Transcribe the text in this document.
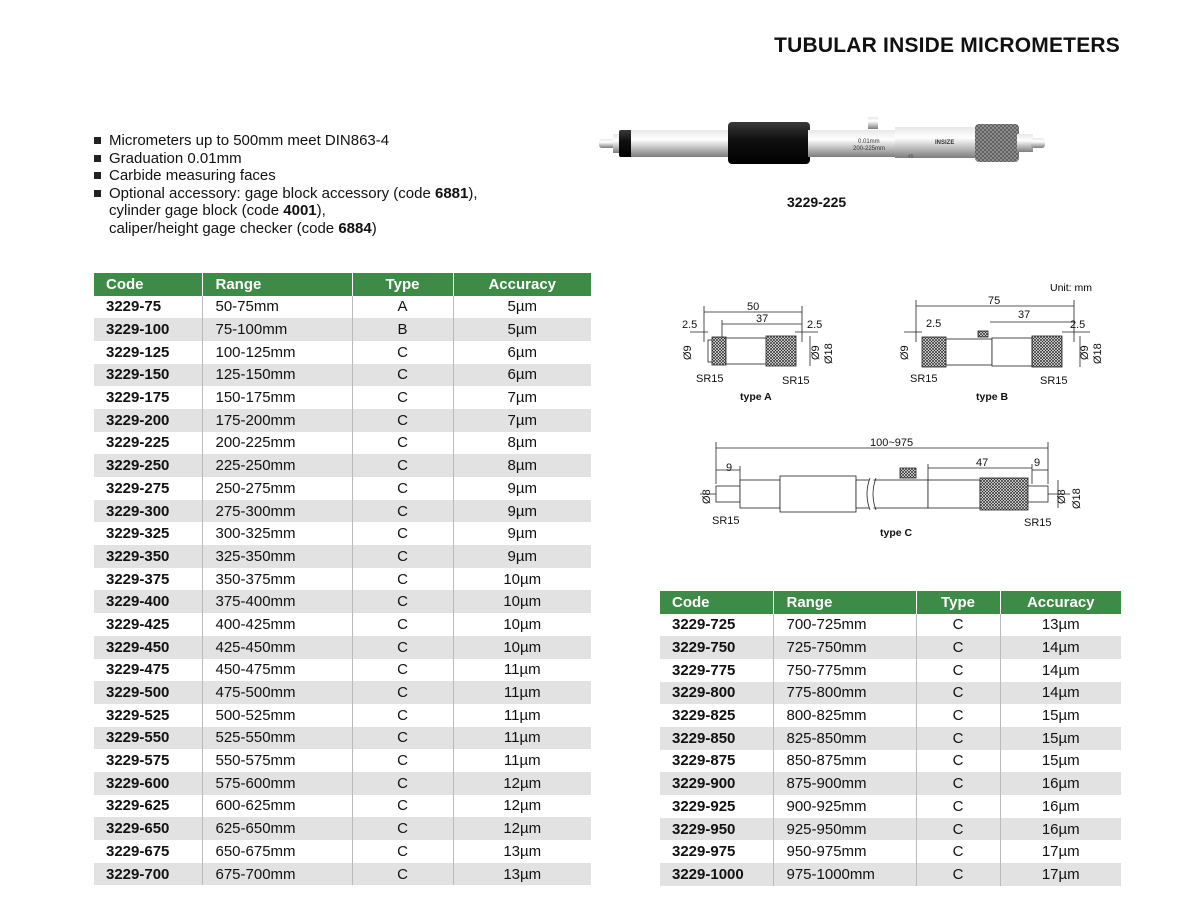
TUBULAR INSIDE MICROMETERS
Micrometers up to 500mm meet DIN863-4
Graduation 0.01mm
Carbide measuring faces
Optional accessory: gage block accessory (code 6881),
cylinder gage block (code 4001),
caliper/height gage checker (code 6884)
0.01mm
200-225mm
INSIZE
45
3229-225
Unit: mm
50
37
2.5	2.5
Ø9	Ø9 Ø18
SR15	SR15
type A
75
37
2.5	2.5
Ø9	Ø9 Ø18
SR15	SR15
type B
100~975
9	47	9
Ø8	Ø8 Ø18
SR15	SR15
type C
Code	Range	Type	Accuracy
3229-75	50-75mm	A	5µm
3229-100	75-100mm	B	5µm
3229-125	100-125mm	C	6µm
3229-150	125-150mm	C	6µm
3229-175	150-175mm	C	7µm
3229-200	175-200mm	C	7µm
3229-225	200-225mm	C	8µm
3229-250	225-250mm	C	8µm
3229-275	250-275mm	C	9µm
3229-300	275-300mm	C	9µm
3229-325	300-325mm	C	9µm
3229-350	325-350mm	C	9µm
3229-375	350-375mm	C	10µm
3229-400	375-400mm	C	10µm
3229-425	400-425mm	C	10µm
3229-450	425-450mm	C	10µm
3229-475	450-475mm	C	11µm
3229-500	475-500mm	C	11µm
3229-525	500-525mm	C	11µm
3229-550	525-550mm	C	11µm
3229-575	550-575mm	C	11µm
3229-600	575-600mm	C	12µm
3229-625	600-625mm	C	12µm
3229-650	625-650mm	C	12µm
3229-675	650-675mm	C	13µm
3229-700	675-700mm	C	13µm
Code	Range	Type	Accuracy
3229-725	700-725mm	C	13µm
3229-750	725-750mm	C	14µm
3229-775	750-775mm	C	14µm
3229-800	775-800mm	C	14µm
3229-825	800-825mm	C	15µm
3229-850	825-850mm	C	15µm
3229-875	850-875mm	C	15µm
3229-900	875-900mm	C	16µm
3229-925	900-925mm	C	16µm
3229-950	925-950mm	C	16µm
3229-975	950-975mm	C	17µm
3229-1000	975-1000mm	C	17µm
